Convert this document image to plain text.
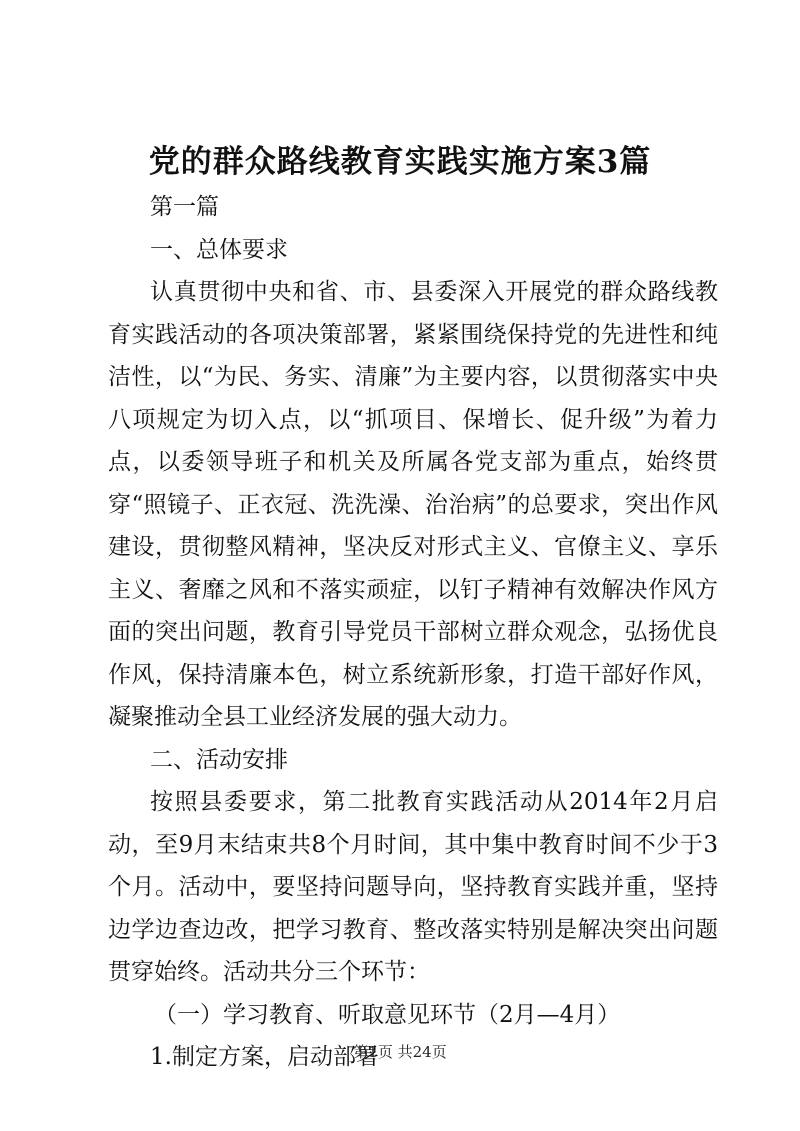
党的群众路线教育实践实施方案3篇

第一篇

一、总体要求

认真贯彻中央和省、市、县委深入开展党的群众路线教育实践活动的各项决策部署，紧紧围绕保持党的先进性和纯洁性，以“为民、务实、清廉”为主要内容，以贯彻落实中央八项规定为切入点，以“抓项目、保增长、促升级”为着力点，以委领导班子和机关及所属各党支部为重点，始终贯穿“照镜子、正衣冠、洗洗澡、治治病”的总要求，突出作风建设，贯彻整风精神，坚决反对形式主义、官僚主义、享乐主义、奢靡之风和不落实顽症，以钉子精神有效解决作风方面的突出问题，教育引导党员干部树立群众观念，弘扬优良作风，保持清廉本色，树立系统新形象，打造干部好作风，凝聚推动全县工业经济发展的强大动力。

二、活动安排

按照县委要求，第二批教育实践活动从2014年2月启动，至9月末结束共8个月时间，其中集中教育时间不少于3个月。活动中，要坚持问题导向，坚持教育实践并重，坚持边学边查边改，把学习教育、整改落实特别是解决突出问题贯穿始终。活动共分三个环节：

（一）学习教育、听取意见环节（2月—4月）

1.制定方案，启动部署

第1页 共24页
